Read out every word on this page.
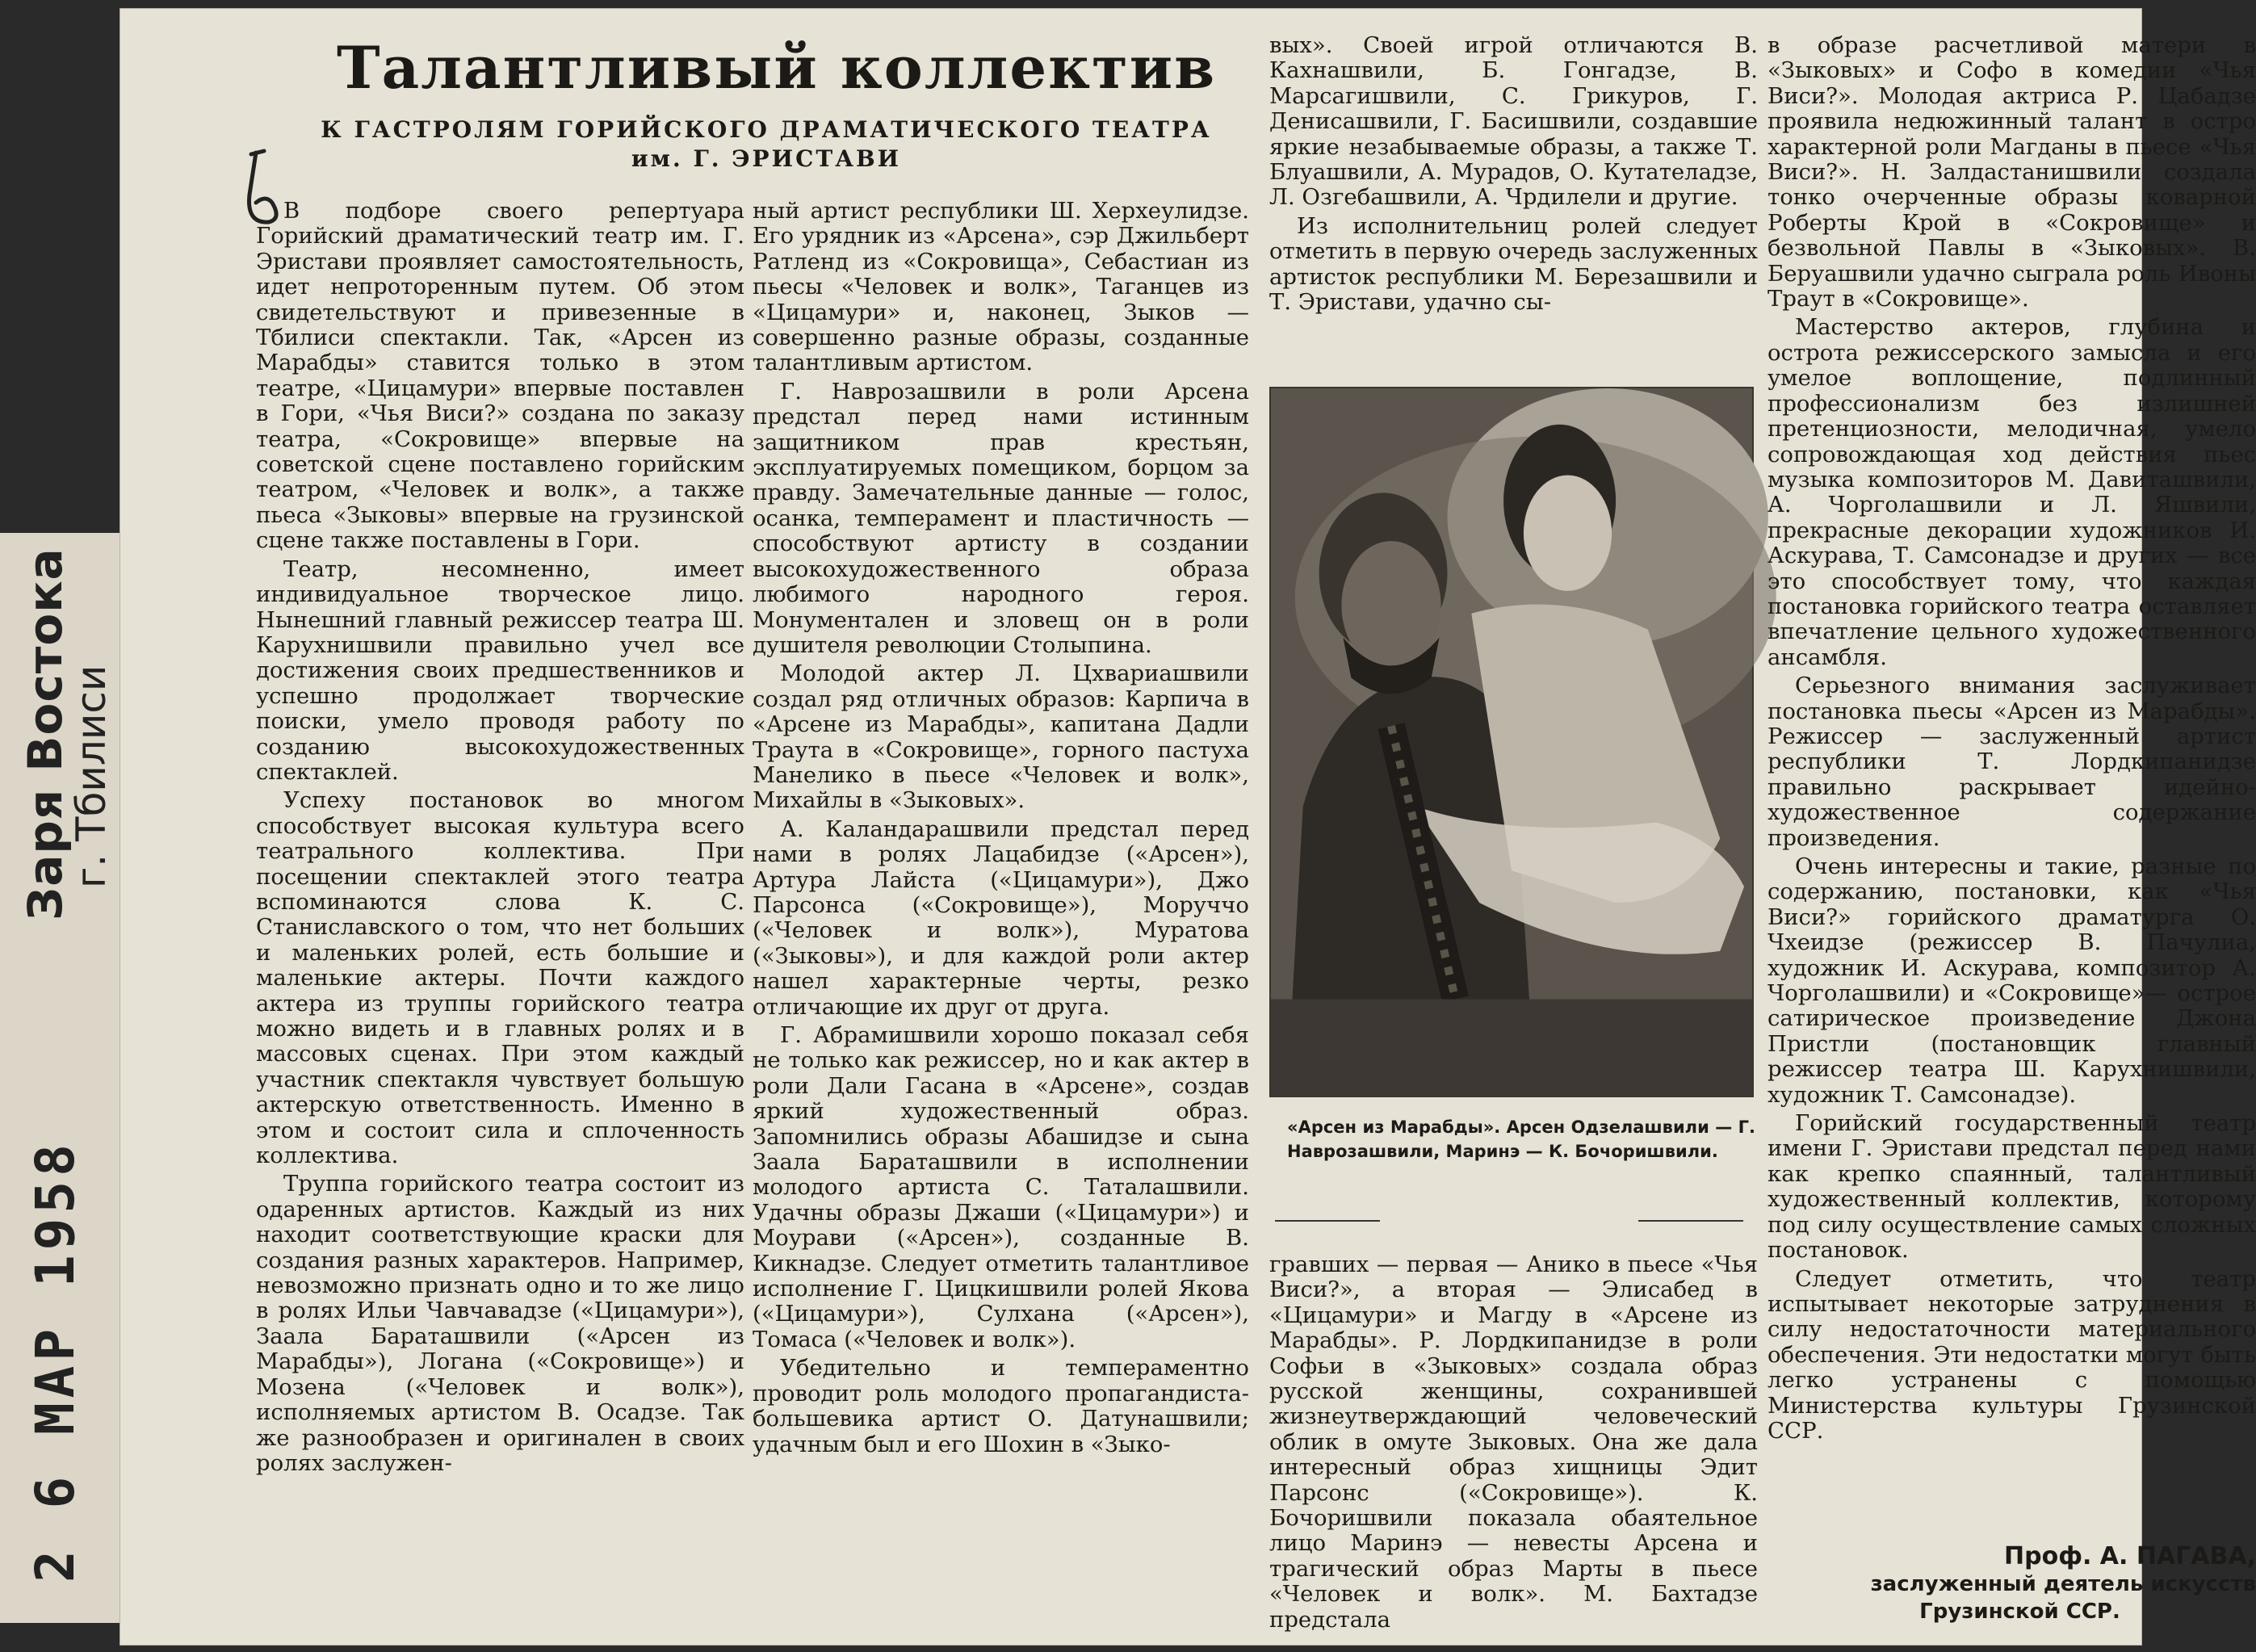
Заря Востока
г. Тбилиси
2 6 МАР 1958
Талантливый коллектив
К ГАСТРОЛЯМ ГОРИЙСКОГО ДРАМАТИЧЕСКОГО ТЕАТРА
им. Г. ЭРИСТАВИ

В подборе своего репертуара Горийский драматический театр им. Г. Эристави проявляет самостоятельность, идет непроторенным путем. Об этом свидетельствуют и привезенные в Тбилиси спектакли. Так, «Арсен из Марабды» ставится только в этом театре, «Цицамури» впервые поставлен в Гори, «Чья Виси?» создана по заказу театра, «Сокровище» впервые на советской сцене поставлено горийским театром, «Человек и волк», а также пьеса «Зыковы» впервые на грузинской сцене также поставлены в Гори.

Театр, несомненно, имеет индивидуальное творческое лицо. Нынешний главный режиссер театра Ш. Карухнишвили правильно учел все достижения своих предшественников и успешно продолжает творческие поиски, умело проводя работу по созданию высокохудожественных спектаклей.

Успеху постановок во многом способствует высокая культура всего театрального коллектива. При посещении спектаклей этого театра вспоминаются слова К. С. Станиславского о том, что нет больших и маленьких ролей, есть большие и маленькие актеры. Почти каждого актера из труппы горийского театра можно видеть и в главных ролях и в массовых сценах. При этом каждый участник спектакля чувствует большую актерскую ответственность. Именно в этом и состоит сила и сплоченность коллектива.

Труппа горийского театра состоит из одаренных артистов. Каждый из них находит соответствующие краски для создания разных характеров. Например, невозможно признать одно и то же лицо в ролях Ильи Чавчавадзе («Цицамури»), Заала Бараташвили («Арсен из Марабды»), Логана («Сокровище») и Мозена («Человек и волк»), исполняемых артистом В. Осадзе. Так же разнообразен и оригинален в своих ролях заслужен-

ный артист республики Ш. Херхеулидзе. Его урядник из «Арсена», сэр Джильберт Ратленд из «Сокровища», Себастиан из пьесы «Человек и волк», Таганцев из «Цицамури» и, наконец, Зыков — совершенно разные образы, созданные талантливым артистом.

Г. Наврозашвили в роли Арсена предстал перед нами истинным защитником прав крестьян, эксплуатируемых помещиком, борцом за правду. Замечательные данные — голос, осанка, темперамент и пластичность —способствуют артисту в создании высокохудожественного образа любимого народного героя. Монументален и зловещ он в роли душителя революции Столыпина.

Молодой актер Л. Цхвариашвили создал ряд отличных образов: Карпича в «Арсене из Марабды», капитана Дадли Траута в «Сокровище», горного пастуха Манелико в пьесе «Человек и волк», Михайлы в «Зыковых».

А. Каландарашвили предстал перед нами в ролях Лацабидзе («Арсен»), Артура Лайста («Цицамури»), Джо Парсонса («Сокровище»), Моруччо («Человек и волк»), Муратова («Зыковы»), и для каждой роли актер нашел характерные черты, резко отличающие их друг от друга.

Г. Абрамишвили хорошо показал себя не только как режиссер, но и как актер в роли Дали Гасана в «Арсене», создав яркий художественный образ. Запомнились образы Абашидзе и сына Заала Бараташвили в исполнении молодого артиста С. Таталашвили. Удачны образы Джаши («Цицамури») и Моурави («Арсен»), созданные В. Кикнадзе. Следует отметить талантливое исполнение Г. Цицкишвили ролей Якова («Цицамури»), Сулхана («Арсен»), Томаса («Человек и волк»).

Убедительно и темпераментно проводит роль молодого пропагандиста-большевика артист О. Датунашвили; удачным был и его Шохин в «Зыко-

вых». Своей игрой отличаются В. Кахнашвили, Б. Гонгадзе, В. Марсагишвили, С. Грикуров, Г. Денисашвили, Г. Басишвили, создавшие яркие незабываемые образы, а также Т. Блуашвили, А. Мурадов, О. Кутателадзе, Л. Озгебашвили, А. Чрдилели и другие.

Из исполнительниц ролей следует отметить в первую очередь заслуженных артисток республики М. Березашвили и Т. Эристави, удачно сы-

«Арсен из Марабды». Арсен Одзелашвили — Г. Наврозашвили, Маринэ — К. Бочоришвили.

гравших — первая — Анико в пьесе «Чья Виси?», а вторая — Элисабед в «Цицамури» и Магду в «Арсене из Марабды». Р. Лордкипанидзе в роли Софьи в «Зыковых» создала образ русской женщины, сохранившей жизнеутверждающий человеческий облик в омуте Зыковых. Она же дала интересный образ хищницы Эдит Парсонс («Сокровище»). К. Бочоришвили показала обаятельное лицо Маринэ — невесты Арсена и трагический образ Марты в пьесе «Человек и волк». М. Бахтадзе предстала

в образе расчетливой матери в «Зыковых» и Софо в комедии «Чья Виси?». Молодая актриса Р. Цабадзе проявила недюжинный талант в остро характерной роли Магданы в пьесе «Чья Виси?». Н. Залдастанишвили создала тонко очерченные образы коварной Роберты Крой в «Сокровище» и безвольной Павлы в «Зыковых». В. Беруашвили удачно сыграла роль Ивоны Траут в «Сокровище».

Мастерство актеров, глубина и острота режиссерского замысла и его умелое воплощение, подлинный профессионализм без излишней претенциозности, мелодичная, умело сопровождающая ход действия пьес музыка композиторов М. Давиташвили, А. Чорголашвили и Л. Яшвили, прекрасные декорации художников И. Аскурава, Т. Самсонадзе и других — все это способствует тому, что каждая постановка горийского театра оставляет впечатление цельного художественного ансамбля.

Серьезного внимания заслуживает постановка пьесы «Арсен из Марабды». Режиссер — заслуженный артист республики Т. Лордкипанидзе правильно раскрывает идейно-художественное содержание произведения.

Очень интересны и такие, разные по содержанию, постановки, как «Чья Виси?» горийского драматурга О. Чхеидзе (режиссер В. Пачулиа, художник И. Аскурава, композитор А. Чорголашвили) и «Сокровище»— острое сатирическое произведение Джона Пристли (постановщик главный режиссер театра Ш. Карухнишвили, художник Т. Самсонадзе).

Горийский государственный театр имени Г. Эристави предстал перед нами как крепко спаянный, талантливый художественный коллектив, которому под силу осуществление самых сложных постановок.

Следует отметить, что театр испытывает некоторые затруднения в силу недостаточности материального обеспечения. Эти недостатки могут быть легко устранены с помощью Министерства культуры Грузинской ССР.

Проф. А. ПАГАВА,
заслуженный деятель искусств
Грузинской ССР.
